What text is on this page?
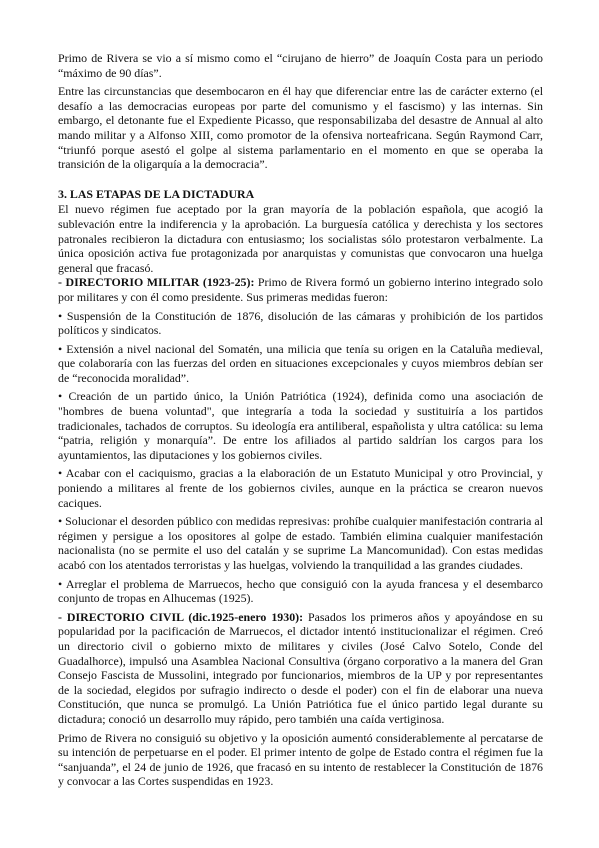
Primo de Rivera se vio a sí mismo como el “cirujano de hierro” de Joaquín Costa para un periodo “máximo de 90 días”.

Entre las circunstancias que desembocaron en él hay que diferenciar entre las de carácter externo (el desafío a las democracias europeas por parte del comunismo y el fascismo) y las internas. Sin embargo, el detonante fue el Expediente Picasso, que responsabilizaba del desastre de Annual al alto mando militar y a Alfonso XIII, como promotor de la ofensiva norteafricana. Según Raymond Carr, “triunfó porque asestó el golpe al sistema parlamentario en el momento en que se operaba la transición de la oligarquía a la democracia”.

3. LAS ETAPAS DE LA DICTADURA

El nuevo régimen fue aceptado por la gran mayoría de la población española, que acogió la sublevación entre la indiferencia y la aprobación. La burguesía católica y derechista y los sectores patronales recibieron la dictadura con entusiasmo; los socialistas sólo protestaron verbalmente. La única oposición activa fue protagonizada por anarquistas y comunistas que convocaron una huelga general que fracasó.

- DIRECTORIO MILITAR (1923-25): Primo de Rivera formó un gobierno interino integrado solo por militares y con él como presidente. Sus primeras medidas fueron:

• Suspensión de la Constitución de 1876, disolución de las cámaras y prohibición de los partidos políticos y sindicatos.

• Extensión a nivel nacional del Somatén, una milicia que tenía su origen en la Cataluña medieval, que colaboraría con las fuerzas del orden en situaciones excepcionales y cuyos miembros debían ser de “reconocida moralidad”.

• Creación de un partido único, la Unión Patriótica (1924), definida como una asociación de "hombres de buena voluntad", que integraría a toda la sociedad y sustituiría a los partidos tradicionales, tachados de corruptos. Su ideología era antiliberal, españolista y ultra católica: su lema “patria, religión y monarquía”. De entre los afiliados al partido saldrían los cargos para los ayuntamientos, las diputaciones y los gobiernos civiles.

• Acabar con el caciquismo, gracias a la elaboración de un Estatuto Municipal y otro Provincial, y poniendo a militares al frente de los gobiernos civiles, aunque en la práctica se crearon nuevos caciques.

• Solucionar el desorden público con medidas represivas: prohíbe cualquier manifestación contraria al régimen y persigue a los opositores al golpe de estado. También elimina cualquier manifestación nacionalista (no se permite el uso del catalán y se suprime La Mancomunidad). Con estas medidas acabó con los atentados terroristas y las huelgas, volviendo la tranquilidad a las grandes ciudades.

• Arreglar el problema de Marruecos, hecho que consiguió con la ayuda francesa y el desembarco conjunto de tropas en Alhucemas (1925).

- DIRECTORIO CIVIL (dic.1925-enero 1930): Pasados los primeros años y apoyándose en su popularidad por la pacificación de Marruecos, el dictador intentó institucionalizar el régimen. Creó un directorio civil o gobierno mixto de militares y civiles (José Calvo Sotelo, Conde del Guadalhorce), impulsó una Asamblea Nacional Consultiva (órgano corporativo a la manera del Gran Consejo Fascista de Mussolini, integrado por funcionarios, miembros de la UP y por representantes de la sociedad, elegidos por sufragio indirecto o desde el poder) con el fin de elaborar una nueva Constitución, que nunca se promulgó. La Unión Patriótica fue el único partido legal durante su dictadura; conoció un desarrollo muy rápido, pero también una caída vertiginosa.

Primo de Rivera no consiguió su objetivo y la oposición aumentó considerablemente al percatarse de su intención de perpetuarse en el poder. El primer intento de golpe de Estado contra el régimen fue la “sanjuanda”, el 24 de junio de 1926, que fracasó en su intento de restablecer la Constitución de 1876 y convocar a las Cortes suspendidas en 1923.
